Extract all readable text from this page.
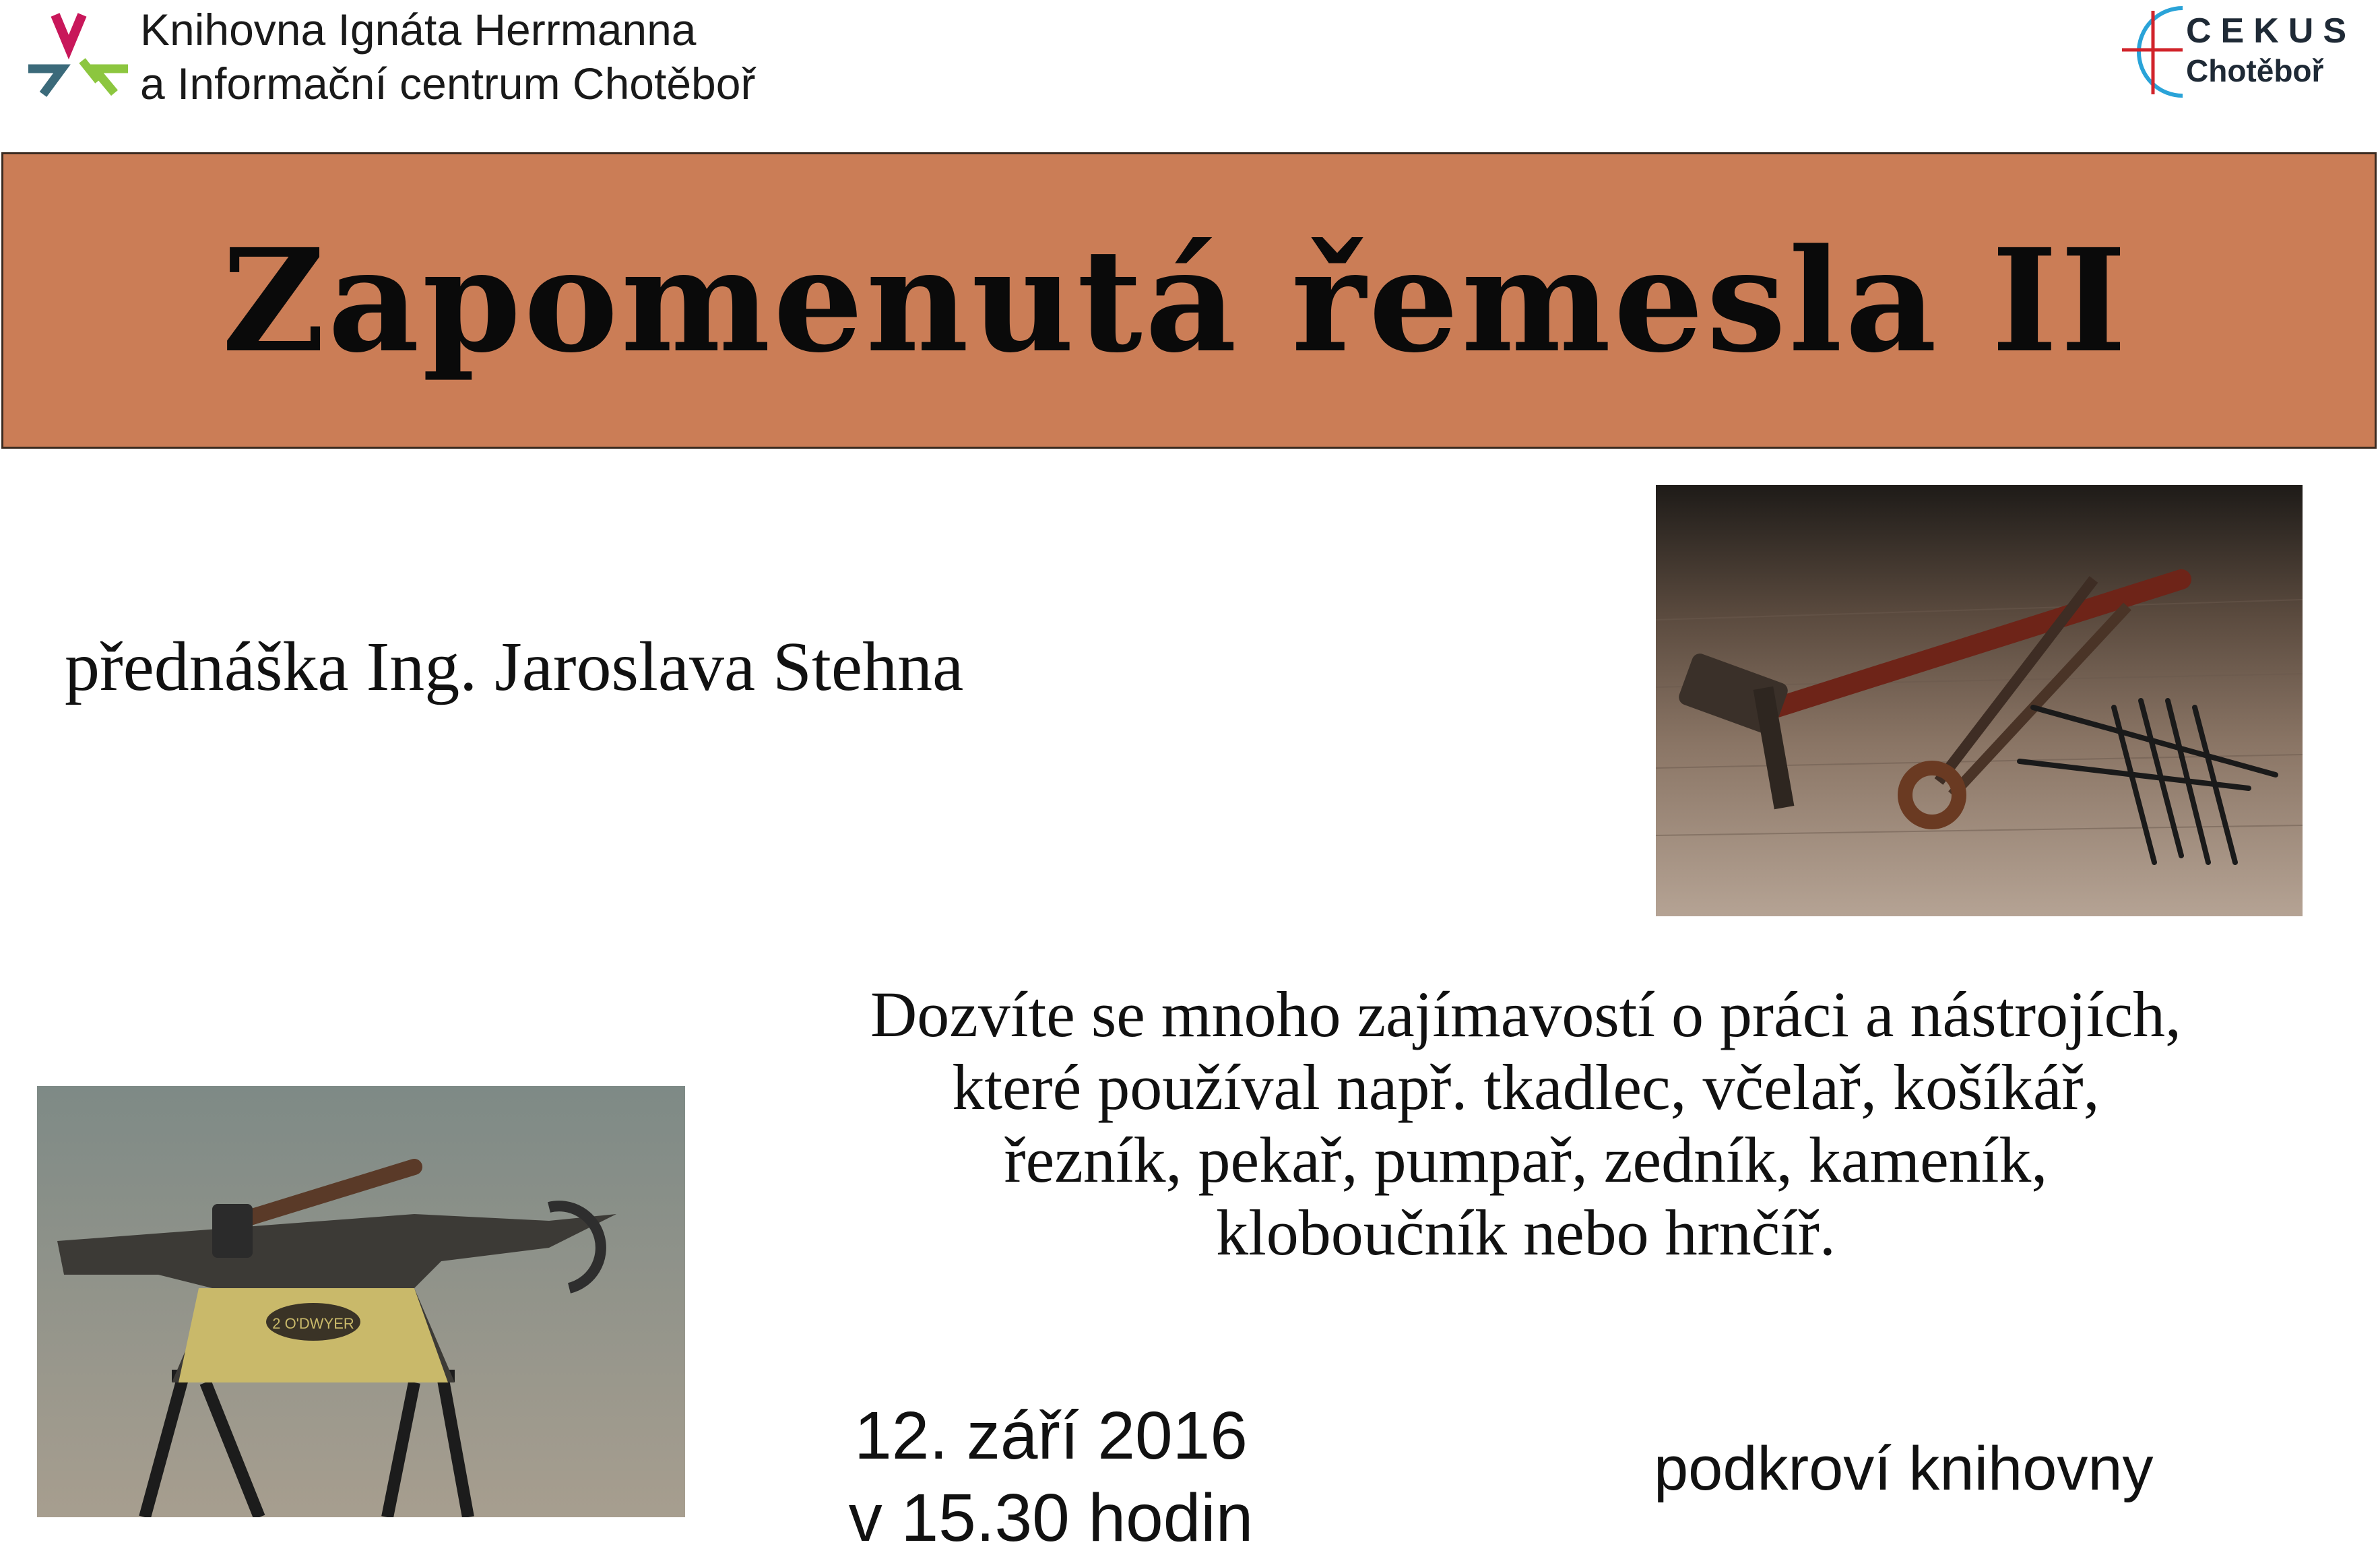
Knihovna Ignáta Herrmanna
a Informační centrum Chotěboř
CEKUS
Chotěboř
Zapomenutá řemesla II
přednáška Ing. Jaroslava Stehna
2 O'DWYER
Dozvíte se mnoho zajímavostí o práci a nástrojích,
které používal např. tkadlec, včelař, košíkář,
řezník, pekař, pumpař, zedník, kameník,
kloboučník nebo hrnčíř.
12. září 2016
v 15.30 hodin
podkroví knihovny
